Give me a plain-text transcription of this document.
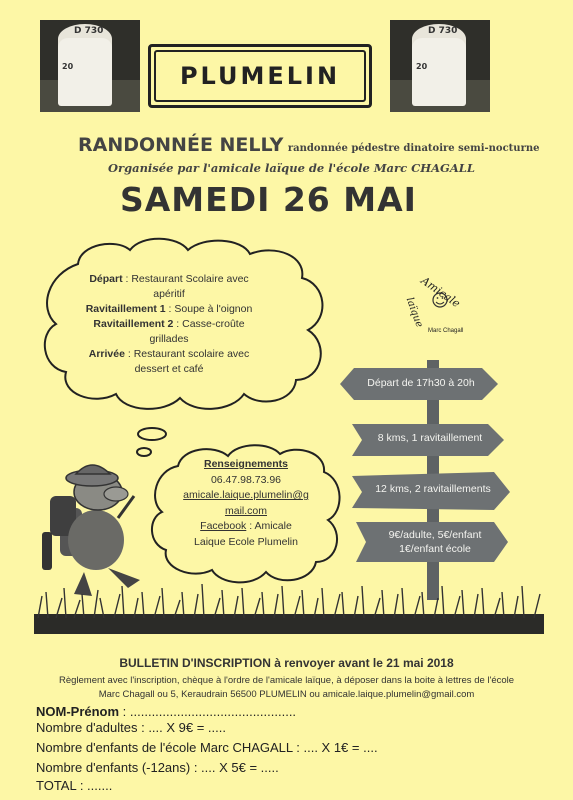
D 730
20	PLUMELIN
D 730
20
RANDONNÉE NELLY randonnée pédestre dinatoire semi-nocturne
Organisée par l'amicale laïque de l'école Marc CHAGALL
SAMEDI 26 MAI
Départ : Restaurant Scolaire avec
apéritif
Ravitaillement 1 : Soupe à l'oignon
Ravitaillement 2 : Casse-croûte
grillades
Arrivée : Restaurant scolaire avec
dessert et café
Amicale
laïque
Marc Chagall
Renseignements
06.47.98.73.96
amicale.laique.plumelin@g
mail.com
Facebook : Amicale
Laique Ecole Plumelin
Départ de 17h30 à 20h
8 kms, 1 ravitaillement
12 kms, 2 ravitaillements
9€/adulte, 5€/enfant
1€/enfant école
BULLETIN D'INSCRIPTION à renvoyer avant le 21 mai 2018
Règlement avec l'inscription, chèque à l'ordre de l'amicale laïque, à déposer dans la boite à lettres de l'école
Marc Chagall ou 5, Keraudrain 56500 PLUMELIN ou amicale.laique.plumelin@gmail.com
NOM-Prénom : ..............................................
Nombre d'adultes : .... X 9€ = .....
Nombre d'enfants de l'école Marc CHAGALL : .... X 1€ = ....
Nombre d'enfants (-12ans) : .... X 5€ = .....
TOTAL : .......
